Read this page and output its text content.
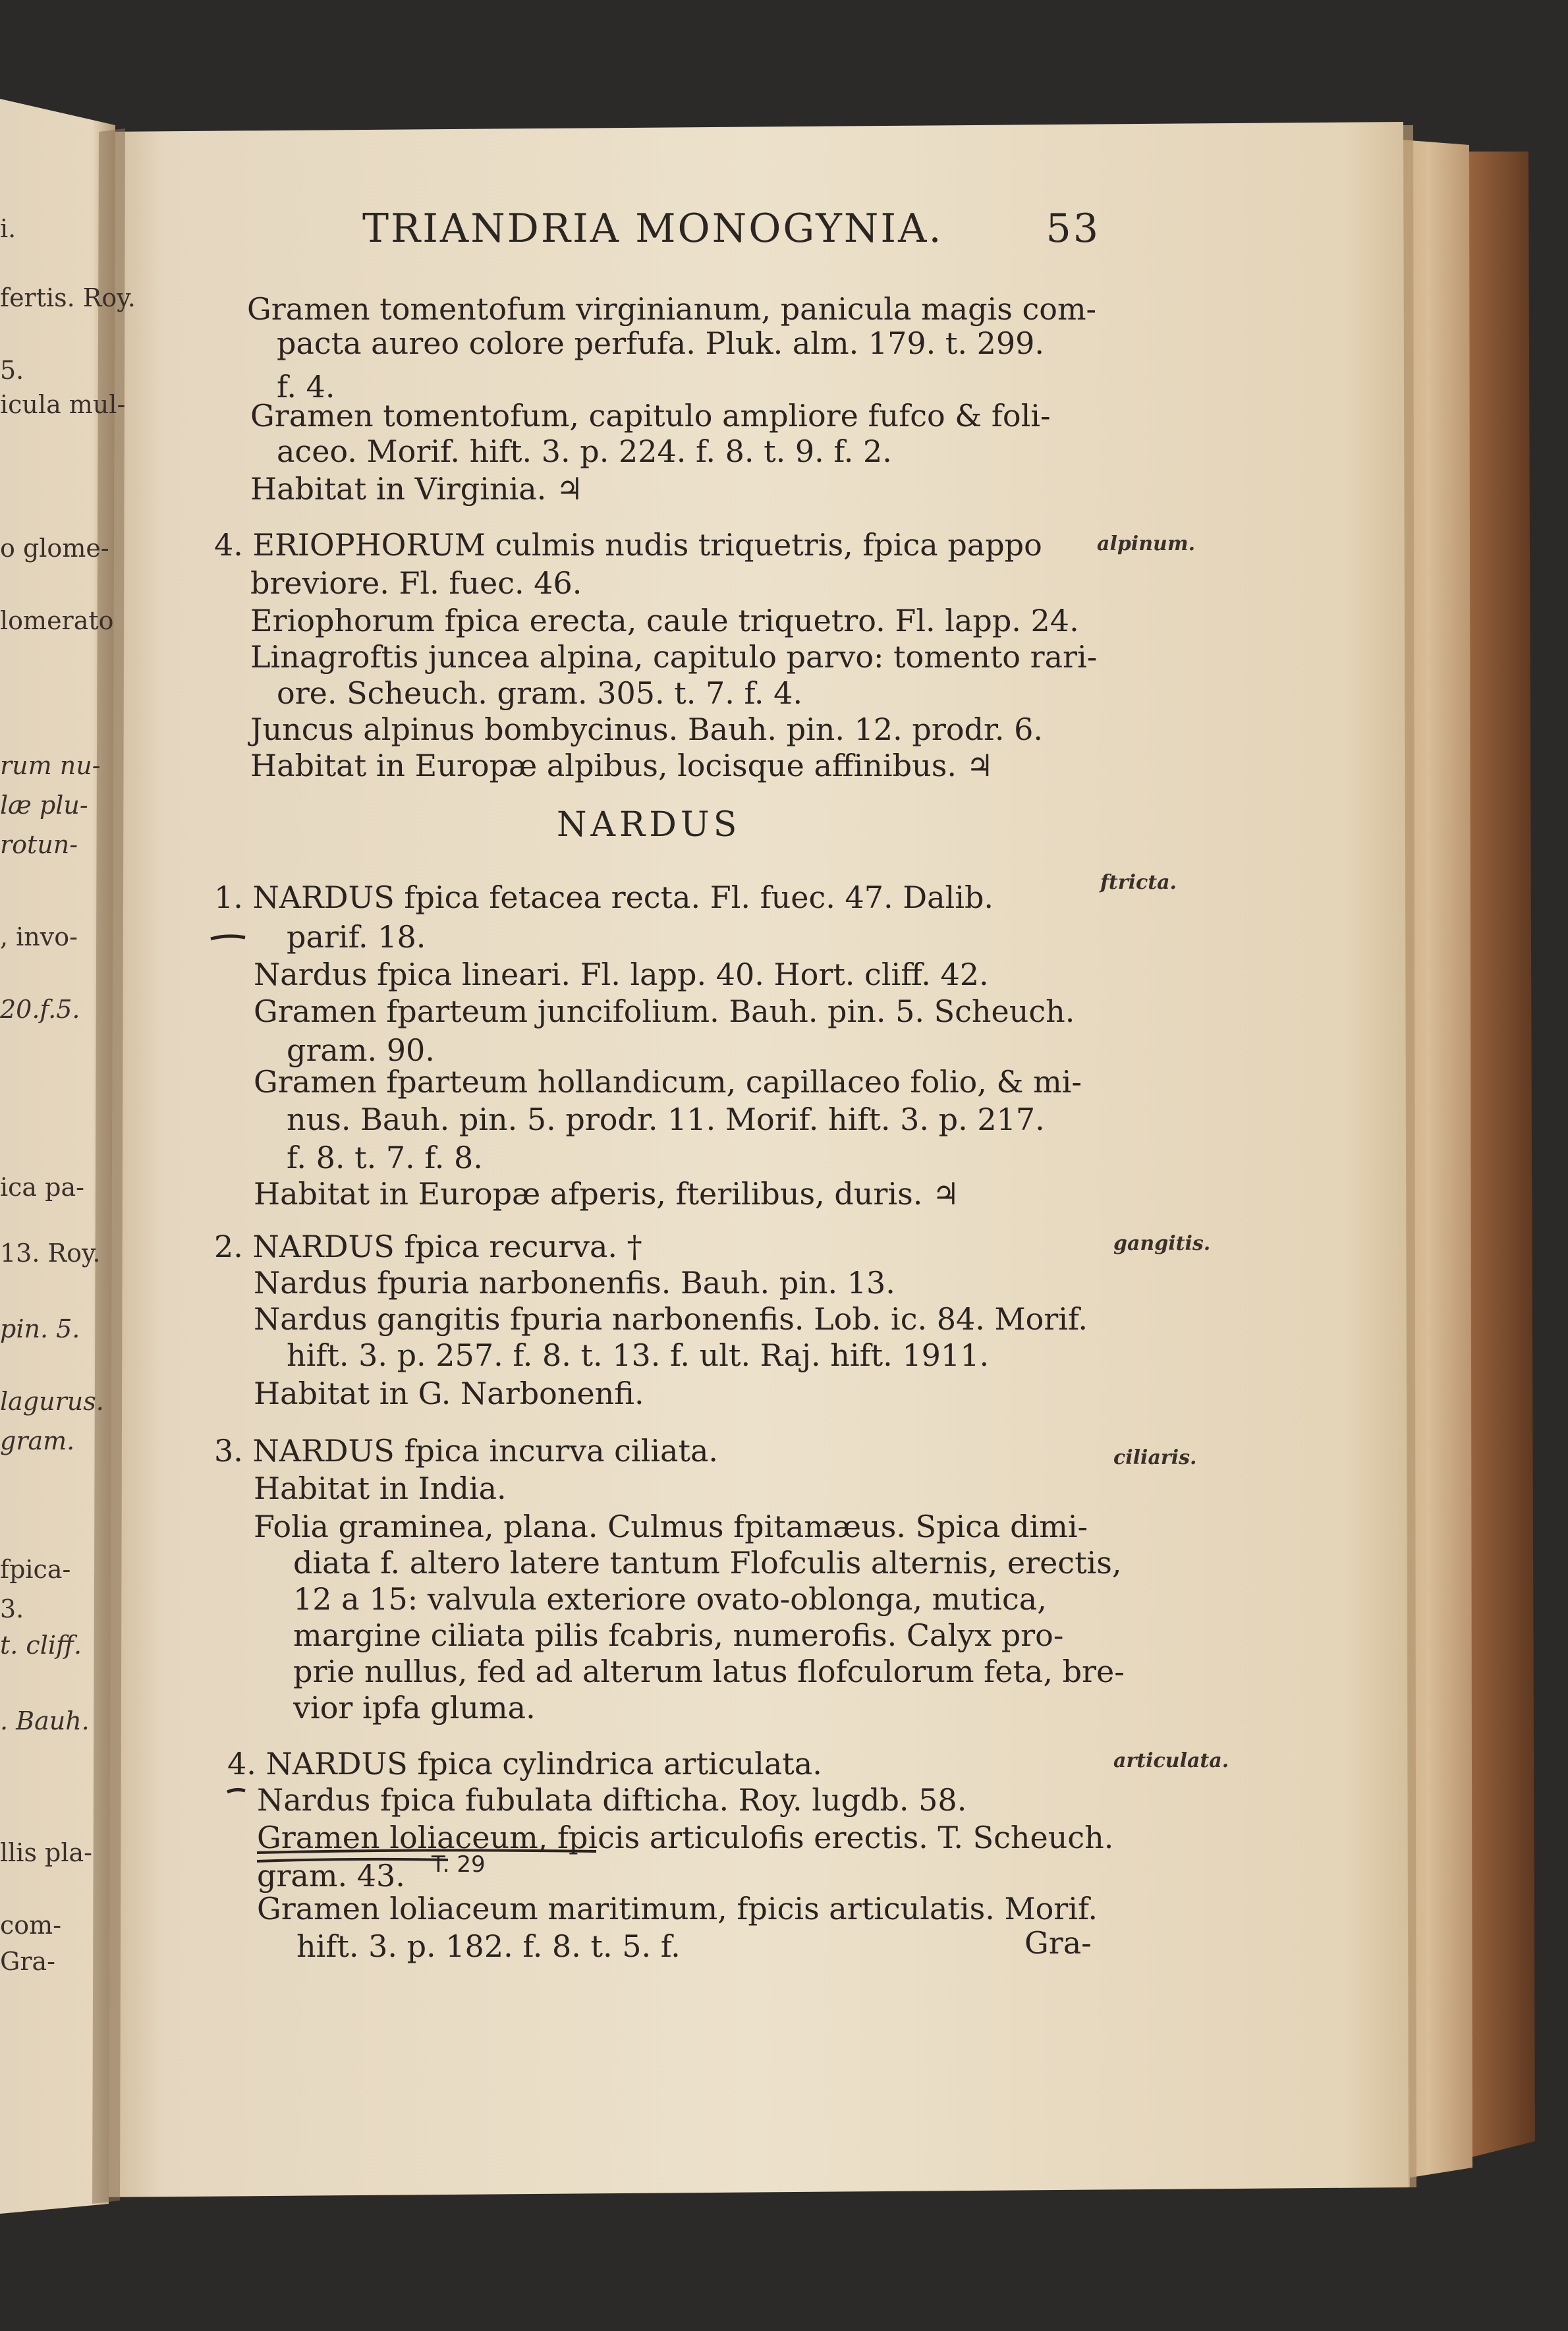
i.
fertis. Roy.
5.
icula mul-
o glome-
lomerato
rum nu-
læ plu-
rotun-
, invo-
20.f.5.
ica pa-
13. Roy.
pin. 5.
lagurus.
gram.
fpica-
3.
t. cliff.
. Bauh.
llis pla-
com-
Gra-
TRIANDRIA MONOGYNIA.	53
Gramen tomentofum virginianum, panicula magis com-
pacta aureo colore perfufa. Pluk. alm. 179. t. 299.
f. 4.
Gramen tomentofum, capitulo ampliore fufco & foli-
aceo. Morif. hift. 3. p. 224. f. 8. t. 9. f. 2.
Habitat in Virginia. ♃
4. ERIOPHORUM culmis nudis triquetris, fpica pappo
breviore. Fl. fuec. 46.
Eriophorum fpica erecta, caule triquetro. Fl. lapp. 24.
Linagroftis juncea alpina, capitulo parvo: tomento rari-
ore. Scheuch. gram. 305. t. 7. f. 4.
Juncus alpinus bombycinus. Bauh. pin. 12. prodr. 6.
Habitat in Europæ alpibus, locisque affinibus. ♃
NARDUS
1. NARDUS fpica fetacea recta. Fl. fuec. 47. Dalib.
parif. 18.
Nardus fpica lineari. Fl. lapp. 40. Hort. cliff. 42.
Gramen fparteum juncifolium. Bauh. pin. 5. Scheuch.
gram. 90.
Gramen fparteum hollandicum, capillaceo folio, & mi-
nus. Bauh. pin. 5. prodr. 11. Morif. hift. 3. p. 217.
f. 8. t. 7. f. 8.
Habitat in Europæ afperis, fterilibus, duris. ♃
2. NARDUS fpica recurva. †
Nardus fpuria narbonenfis. Bauh. pin. 13.
Nardus gangitis fpuria narbonenfis. Lob. ic. 84. Morif.
hift. 3. p. 257. f. 8. t. 13. f. ult. Raj. hift. 1911.
Habitat in G. Narbonenfi.
3. NARDUS fpica incurva ciliata.
Habitat in India.
Folia graminea, plana. Culmus fpitamæus. Spica dimi-
diata f. altero latere tantum Flofculis alternis, erectis,
12 a 15: valvula exteriore ovato-oblonga, mutica,
margine ciliata pilis fcabris, numerofis. Calyx pro-
prie nullus, fed ad alterum latus flofculorum feta, bre-
vior ipfa gluma.
4. NARDUS fpica cylindrica articulata.
Nardus fpica fubulata difticha. Roy. lugdb. 58.
Gramen loliaceum, fpicis articulofis erectis. T. Scheuch.
gram. 43.
Gramen loliaceum maritimum, fpicis articulatis. Morif.
hift. 3. p. 182. f. 8. t. 5. f.	Gra-
alpinum.
ftricta.
gangitis.
ciliaris.
articulata.
T. 29
